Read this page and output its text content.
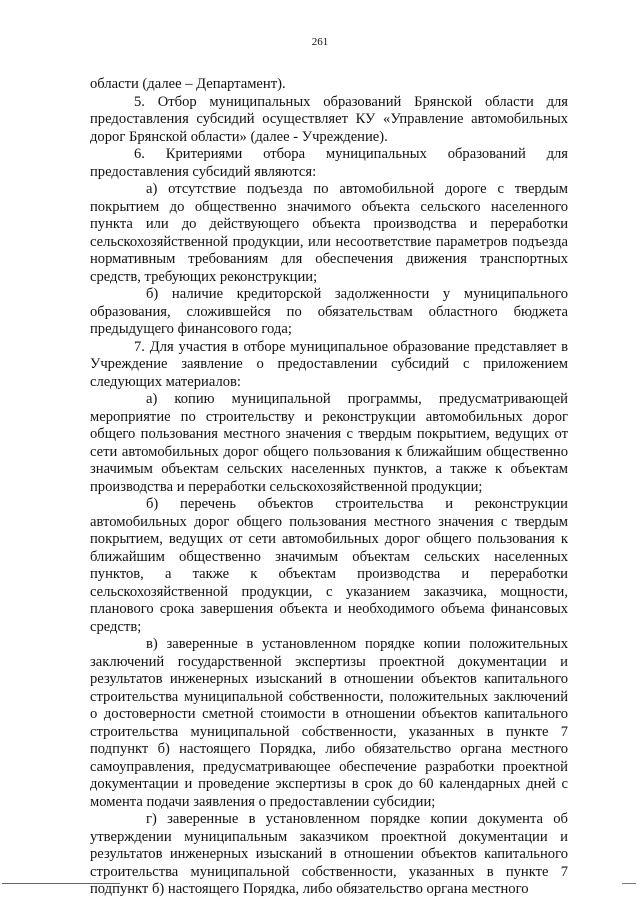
261

области (далее – Департамент).

5. Отбор муниципальных образований Брянской области для предоставления субсидий осуществляет КУ «Управление автомобильных дорог Брянской области» (далее - Учреждение).

6. Критериями отбора муниципальных образований для предоставления субсидий являются:

а) отсутствие подъезда по автомобильной дороге с твердым покрытием до общественно значимого объекта сельского населенного пункта или до действующего объекта производства и переработки сельскохозяйственной продукции, или несоответствие параметров подъезда нормативным требованиям для обеспечения движения транспортных средств, требующих реконструкции;

б) наличие кредиторской задолженности у муниципального образования, сложившейся по обязательствам областного бюджета предыдущего финансового года;

7. Для участия в отборе муниципальное образование представляет в Учреждение заявление о предоставлении субсидий с приложением следующих материалов:

а) копию муниципальной программы, предусматривающей мероприятие по строительству и реконструкции автомобильных дорог общего пользования местного значения с твердым покрытием, ведущих от сети автомобильных дорог общего пользования к ближайшим общественно значимым объектам сельских населенных пунктов, а также к объектам производства и переработки сельскохозяйственной продукции;

б) перечень объектов строительства и реконструкции автомобильных дорог общего пользования местного значения с твердым покрытием, ведущих от сети автомобильных дорог общего пользования к ближайшим общественно значимым объектам сельских населенных пунктов, а также к объектам производства и переработки сельскохозяйственной продукции, с указанием заказчика, мощности, планового срока завершения объекта и необходимого объема финансовых средств;

в) заверенные в установленном порядке копии положительных заключений государственной экспертизы проектной документации и результатов инженерных изысканий в отношении объектов капитального строительства муниципальной собственности, положительных заключений о достоверности сметной стоимости в отношении объектов капитального строительства муниципальной собственности, указанных в пункте 7 подпункт б) настоящего Порядка, либо обязательство органа местного самоуправления, предусматривающее обеспечение разработки проектной документации и проведение экспертизы в срок до 60 календарных дней с момента подачи заявления о предоставлении субсидии;

г) заверенные в установленном порядке копии документа об утверждении муниципальным заказчиком проектной документации и результатов инженерных изысканий в отношении объектов капитального строительства муниципальной собственности, указанных в пункте 7 подпункт б) настоящего Порядка, либо обязательство органа местного
